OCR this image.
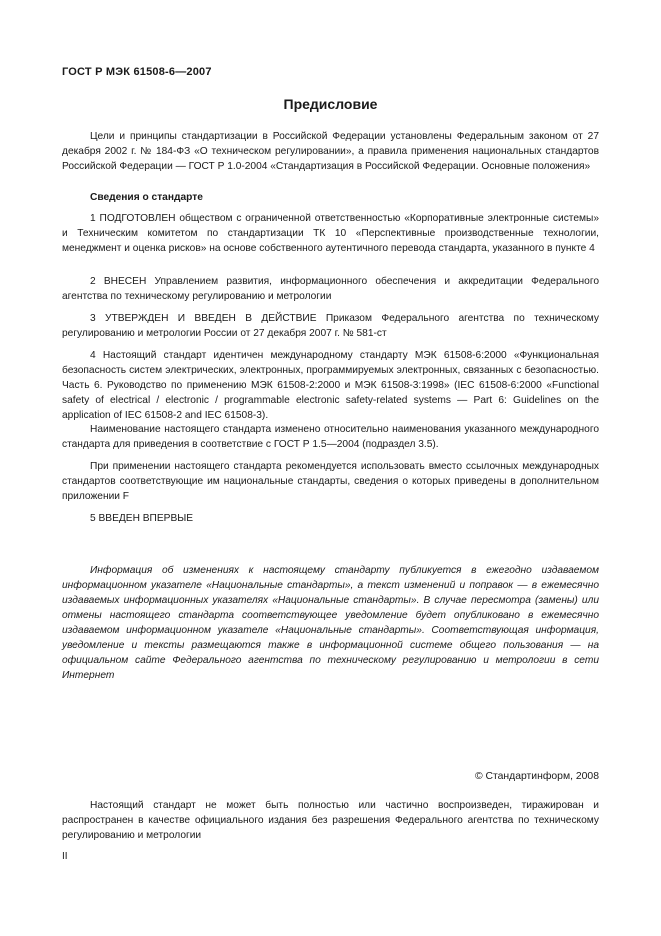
ГОСТ Р МЭК 61508-6—2007
Предисловие

Цели и принципы стандартизации в Российской Федерации установлены Федеральным законом от 27 декабря 2002 г. № 184-ФЗ «О техническом регулировании», а правила применения национальных стандартов Российской Федерации — ГОСТ Р 1.0-2004 «Стандартизация в Российской Федерации. Основные положения»

Сведения о стандарте

1 ПОДГОТОВЛЕН обществом с ограниченной ответственностью «Корпоративные электронные системы» и Техническим комитетом по стандартизации ТК 10 «Перспективные производственные технологии, менеджмент и оценка рисков» на основе собственного аутентичного перевода стандарта, указанного в пункте 4

2 ВНЕСЕН Управлением развития, информационного обеспечения и аккредитации Федерального агентства по техническому регулированию и метрологии

3 УТВЕРЖДЕН И ВВЕДЕН В ДЕЙСТВИЕ Приказом Федерального агентства по техническому регулированию и метрологии России от 27 декабря 2007 г. № 581-ст

4 Настоящий стандарт идентичен международному стандарту МЭК 61508-6:2000 «Функциональная безопасность систем электрических, электронных, программируемых электронных, связанных с безопасностью. Часть 6. Руководство по применению МЭК 61508-2:2000 и МЭК 61508-3:1998» (IEC 61508-6:2000 «Functional safety of electrical / electronic / programmable electronic safety-related systems — Part 6: Guidelines on the application of IEC 61508-2 and IEC 61508-3).

Наименование настоящего стандарта изменено относительно наименования указанного международного стандарта для приведения в соответствие с ГОСТ Р 1.5—2004 (подраздел 3.5).

При применении настоящего стандарта рекомендуется использовать вместо ссылочных международных стандартов соответствующие им национальные стандарты, сведения о которых приведены в дополнительном приложении F

5 ВВЕДЕН ВПЕРВЫЕ

Информация об изменениях к настоящему стандарту публикуется в ежегодно издаваемом информационном указателе «Национальные стандарты», а текст изменений и поправок — в ежемесячно издаваемых информационных указателях «Национальные стандарты». В случае пересмотра (замены) или отмены настоящего стандарта соответствующее уведомление будет опубликовано в ежемесячно издаваемом информационном указателе «Национальные стандарты». Соответствующая информация, уведомление и тексты размещаются также в информационной системе общего пользования — на официальном сайте Федерального агентства по техническому регулированию и метрологии в сети Интернет

© Стандартинформ, 2008

Настоящий стандарт не может быть полностью или частично воспроизведен, тиражирован и распространен в качестве официального издания без разрешения Федерального агентства по техническому регулированию и метрологии

II
